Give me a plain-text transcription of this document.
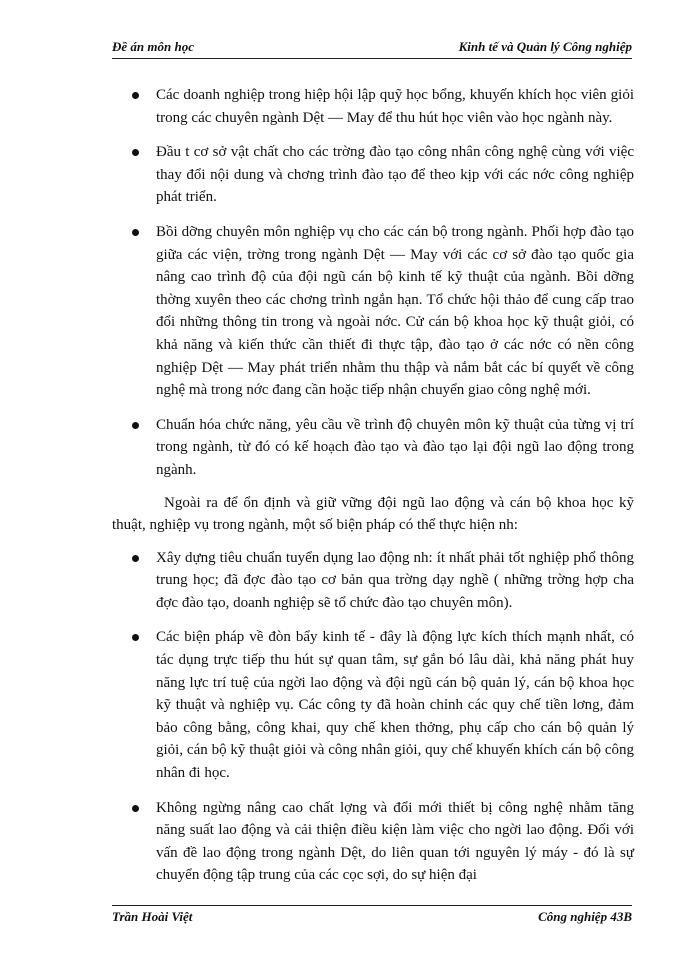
Đề án môn học	Kinh tế và Quản lý Công nghiệp
Các doanh nghiệp trong hiệp hội lập quỹ học bổng, khuyến khích học viên giỏi trong các chuyên ngành Dệt — May để thu hút học viên vào học ngành này.
Đầu t cơ sở vật chất cho các trờng đào tạo công nhân công nghệ cùng với việc thay đổi nội dung và chơng trình đào tạo để theo kịp với các nớc công nghiệp phát triển.
Bồi dỡng chuyên môn nghiệp vụ cho các cán bộ trong ngành. Phối hợp đào tạo giữa các viện, trờng trong ngành Dệt — May với các cơ sở đào tạo quốc gia nâng cao trình độ của đội ngũ cán bộ kinh tế kỹ thuật của ngành. Bồi dỡng thờng xuyên theo các chơng trình ngắn hạn. Tổ chức hội thảo để cung cấp trao đổi những thông tin trong và ngoài nớc. Cử cán bộ khoa học kỹ thuật giỏi, có khả năng và kiến thức cần thiết đi thực tập, đào tạo ở các nớc có nền công nghiệp Dệt — May phát triển nhằm thu thập và nắm bắt các bí quyết về công nghệ mà trong nớc đang cần hoặc tiếp nhận chuyển giao công nghệ mới.
Chuẩn hóa chức năng, yêu cầu về trình độ chuyên môn kỹ thuật của từng vị trí trong ngành, từ đó có kế hoạch đào tạo và đào tạo lại đội ngũ lao động trong ngành.

Ngoài ra để ổn định và giữ vững đội ngũ lao động và cán bộ khoa học kỹ thuật, nghiệp vụ trong ngành, một số biện pháp có thể thực hiện nh:

Xây dựng tiêu chuẩn tuyển dụng lao động nh: ít nhất phải tốt nghiệp phổ thông trung học; đã đợc đào tạo cơ bản qua trờng dạy nghề ( những trờng hợp cha đợc đào tạo, doanh nghiệp sẽ tổ chức đào tạo chuyên môn).
Các biện pháp về đòn bẩy kinh tế - đây là động lực kích thích mạnh nhất, có tác dụng trực tiếp thu hút sự quan tâm, sự gắn bó lâu dài, khả năng phát huy năng lực trí tuệ của ngời lao động và đội ngũ cán bộ quản lý, cán bộ khoa học kỹ thuật và nghiệp vụ. Các công ty đã hoàn chỉnh các quy chế tiền lơng, đảm bảo công bằng, công khai, quy chế khen thởng, phụ cấp cho cán bộ quản lý giỏi, cán bộ kỹ thuật giỏi và công nhân giỏi, quy chế khuyến khích cán bộ công nhân đi học.
Không ngừng nâng cao chất lợng và đổi mới thiết bị công nghệ nhằm tăng năng suất lao động và cải thiện điều kiện làm việc cho ngời lao động. Đối với vấn đề lao động trong ngành Dệt, do liên quan tới nguyên lý máy - đó là sự chuyển động tập trung của các cọc sợi, do sự hiện đại
Trần Hoài Việt	Công nghiệp 43B
